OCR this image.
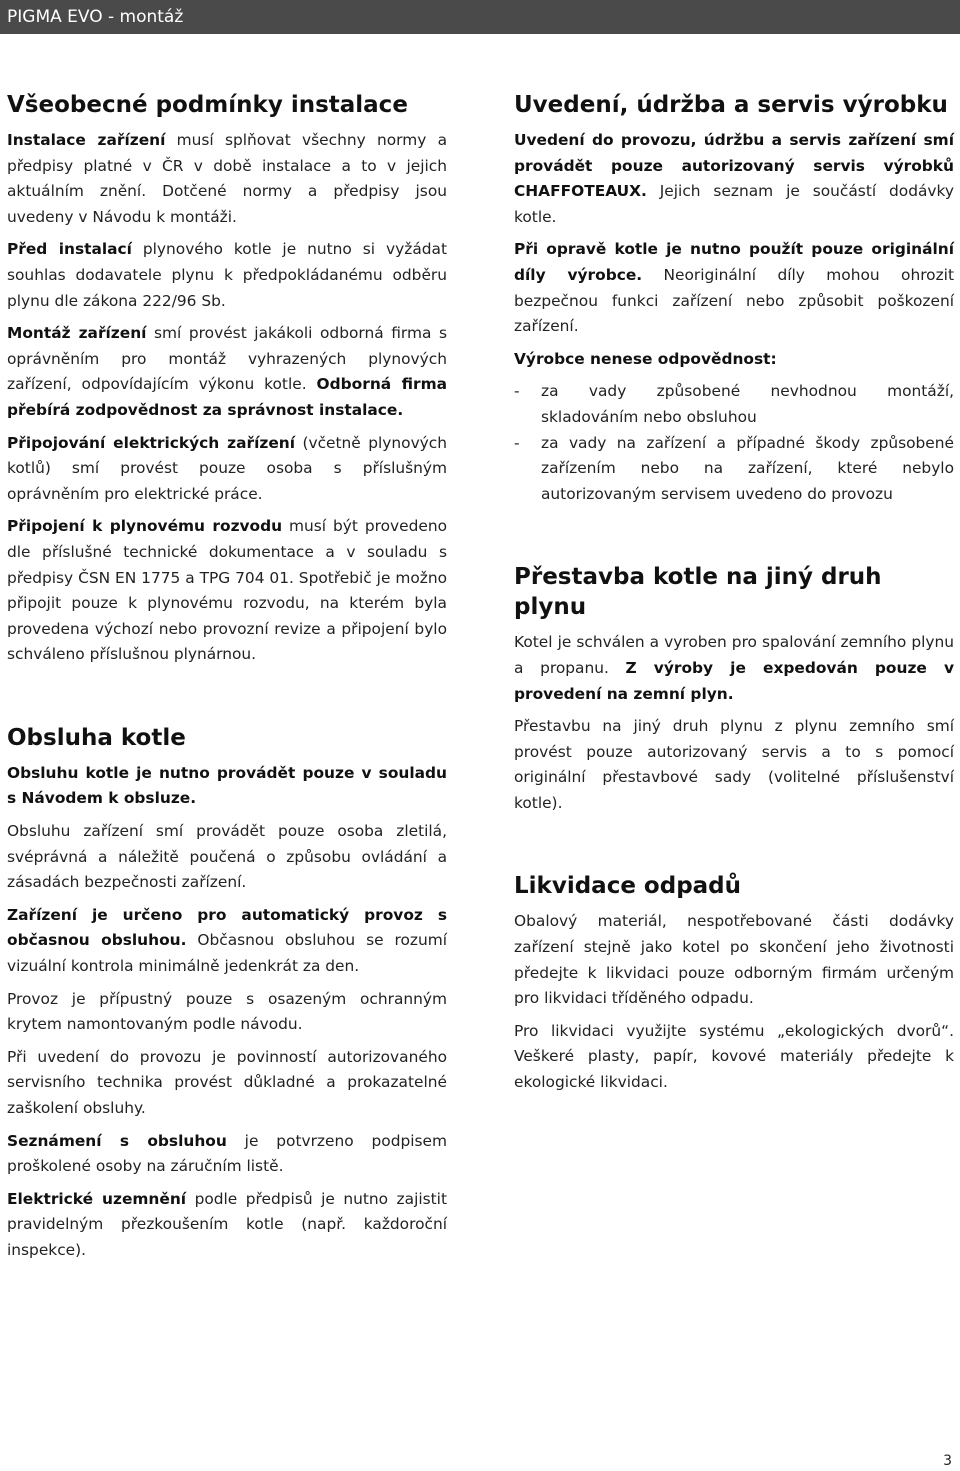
PIGMA EVO - montáž
Všeobecné podmínky instalace

Instalace zařízení musí splňovat všechny normy a předpisy platné v ČR v době instalace a to v jejich aktuálním znění. Dotčené normy a předpisy jsou uvedeny v Návodu k montáži.

Před instalací plynového kotle je nutno si vyžádat souhlas dodavatele plynu k předpokládanému odběru plynu dle zákona 222/96 Sb.

Montáž zařízení smí provést jakákoli odborná firma s oprávněním pro montáž vyhrazených plynových zařízení, odpovídajícím výkonu kotle. Odborná firma přebírá zodpovědnost za správnost instalace.

Připojování elektrických zařízení (včetně plynových kotlů) smí provést pouze osoba s příslušným oprávněním pro elektrické práce.

Připojení k plynovému rozvodu musí být provedeno dle příslušné technické dokumentace a v souladu s předpisy ČSN EN 1775 a TPG 704 01. Spotřebič je možno připojit pouze k plynovému rozvodu, na kterém byla provedena výchozí nebo provozní revize a připojení bylo schváleno příslušnou plynárnou.

Obsluha kotle

Obsluhu kotle je nutno provádět pouze v souladu s Návodem k obsluze.

Obsluhu zařízení smí provádět pouze osoba zletilá, svéprávná a náležitě poučená o způsobu ovládání a zásadách bezpečnosti zařízení.

Zařízení je určeno pro automatický provoz s občasnou obsluhou. Občasnou obsluhou se rozumí vizuální kontrola minimálně jedenkrát za den.

Provoz je přípustný pouze s osazeným ochranným krytem namontovaným podle návodu.

Při uvedení do provozu je povinností autorizovaného servisního technika provést důkladné a prokazatelné zaškolení obsluhy.

Seznámení s obsluhou je potvrzeno podpisem proškolené osoby na záručním listě.

Elektrické uzemnění podle předpisů je nutno zajistit pravidelným přezkoušením kotle (např. každoroční inspekce).

Uvedení, údržba a servis výrobku

Uvedení do provozu, údržbu a servis zařízení smí provádět pouze autorizovaný servis výrobků CHAFFOTEAUX. Jejich seznam je součástí dodávky kotle.

Při opravě kotle je nutno použít pouze originální díly výrobce. Neoriginální díly mohou ohrozit bezpečnou funkci zařízení nebo způsobit poškození zařízení.

Výrobce nenese odpovědnost:

- za vady způsobené nevhodnou montáží, skladováním nebo obsluhou
- za vady na zařízení a případné škody způsobené zařízením nebo na zařízení, které nebylo autorizovaným servisem uvedeno do provozu
Přestavba kotle na jiný druh plynu

Kotel je schválen a vyroben pro spalování zemního plynu a propanu. Z výroby je expedován pouze v provedení na zemní plyn.

Přestavbu na jiný druh plynu z plynu zemního smí provést pouze autorizovaný servis a to s pomocí originální přestavbové sady (volitelné příslušenství kotle).

Likvidace odpadů

Obalový materiál, nespotřebované části dodávky zařízení stejně jako kotel po skončení jeho životnosti předejte k likvidaci pouze odborným firmám určeným pro likvidaci tříděného odpadu.

Pro likvidaci využijte systému „ekologických dvorů“. Veškeré plasty, papír, kovové materiály předejte k ekologické likvidaci.

3
